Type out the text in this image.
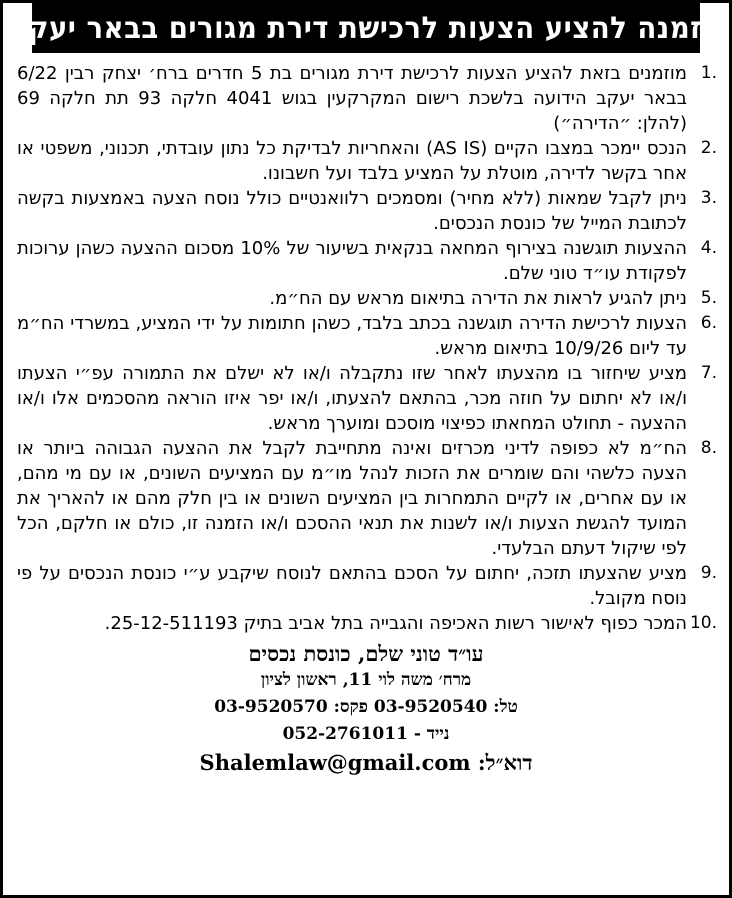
הזמנה להציע הצעות לרכישת דירת מגורים בבאר יעקב
1.
מוזמנים בזאת להציע הצעות לרכישת דירת מגורים בת 5 חדרים ברח׳ יצחק רבין 6/22 בבאר יעקב הידועה בלשכת רישום המקרקעין בגוש 4041 חלקה 93 תת חלקה 69 (להלן: ״הדירה״)
2.
הנכס יימכר במצבו הקיים (AS IS) והאחריות לבדיקת כל נתון עובדתי, תכנוני, משפטי או אחר בקשר לדירה, מוטלת על המציע בלבד ועל חשבונו.
3.
ניתן לקבל שמאות (ללא מחיר) ומסמכים רלוואנטיים כולל נוסח הצעה באמצעות בקשה לכתובת המייל של כונסת הנכסים.
4.
ההצעות תוגשנה בצירוף המחאה בנקאית בשיעור של 10% מסכום ההצעה כשהן ערוכות לפקודת עו״ד טוני שלם.
5.
ניתן להגיע לראות את הדירה בתיאום מראש עם הח״מ.
6.
הצעות לרכישת הדירה תוגשנה בכתב בלבד, כשהן חתומות על ידי המציע, במשרדי הח״מ עד ליום 10/9/26 בתיאום מראש.
7.
מציע שיחזור בו מהצעתו לאחר שזו נתקבלה ו/או לא ישלם את התמורה עפ״י הצעתו ו/או לא יחתום על חוזה מכר, בהתאם להצעתו, ו/או יפר איזו הוראה מהסכמים אלו ו/או ההצעה - תחולט המחאתו כפיצוי מוסכם ומוערך מראש.
8.
הח״מ לא כפופה לדיני מכרזים ואינה מתחייבת לקבל את ההצעה הגבוהה ביותר או הצעה כלשהי והם שומרים את הזכות לנהל מו״מ עם המציעים השונים, או עם מי מהם, או עם אחרים, או לקיים התמחרות בין המציעים השונים או בין חלק מהם או להאריך את המועד להגשת הצעות ו/או לשנות את תנאי ההסכם ו/או הזמנה זו, כולם או חלקם, הכל לפי שיקול דעתם הבלעדי.
9.
מציע שהצעתו תזכה, יחתום על הסכם בהתאם לנוסח שיקבע ע״י כונסת הנכסים על פי נוסח מקובל.
10.
המכר כפוף לאישור רשות האכיפה והגבייה בתל אביב בתיק 25-12-511193.
עו״ד טוני שלם, כונסת נכסים
מרח׳ משה לוי 11, ראשון לציון
טל: 03-9520540 פקס: 03-9520570
נייד - 052-2761011
דוא״ל: Shalemlaw@gmail.com
